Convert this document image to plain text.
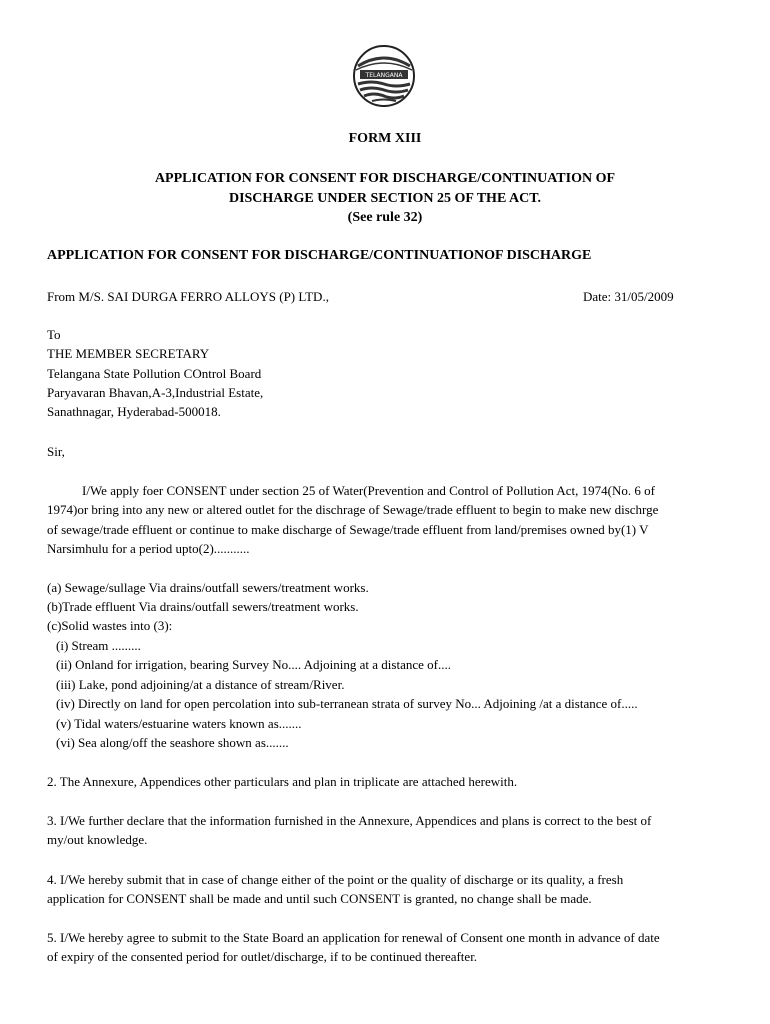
TELANGANA
FORM XIII
APPLICATION FOR CONSENT FOR DISCHARGE/CONTINUATION OF
DISCHARGE UNDER SECTION 25 OF THE ACT.
(See rule 32)
APPLICATION FOR CONSENT FOR DISCHARGE/CONTINUATIONOF DISCHARGE
From M/S. SAI DURGA FERRO ALLOYS (P) LTD.,	Date: 31/05/2009
To
THE MEMBER SECRETARY
Telangana State Pollution COntrol Board
Paryavaran Bhavan,A-3,Industrial Estate,
Sanathnagar, Hyderabad-500018.
Sir,
I/We apply foer CONSENT under section 25 of Water(Prevention and Control of Pollution Act, 1974(No. 6 of
1974)or bring into any new or altered outlet for the dischrage of Sewage/trade effluent to begin to make new dischrge
of sewage/trade effluent or continue to make discharge of Sewage/trade effluent from land/premises owned by(1) V
Narsimhulu for a period upto(2)...........
(a) Sewage/sullage Via drains/outfall sewers/treatment works.
(b)Trade effluent Via drains/outfall sewers/treatment works.
(c)Solid wastes into (3):
(i) Stream .........
(ii) Onland for irrigation, bearing Survey No.... Adjoining at a distance of....
(iii) Lake, pond adjoining/at a distance of stream/River.
(iv) Directly on land for open percolation into sub-terranean strata of survey No... Adjoining /at a distance of.....
(v) Tidal waters/estuarine waters known as.......
(vi) Sea along/off the seashore shown as.......
2. The Annexure, Appendices other particulars and plan in triplicate are attached herewith.
3. I/We further declare that the information furnished in the Annexure, Appendices and plans is correct to the best of
my/out knowledge.
4. I/We hereby submit that in case of change either of the point or the quality of discharge or its quality, a fresh
application for CONSENT shall be made and until such CONSENT is granted, no change shall be made.
5. I/We hereby agree to submit to the State Board an application for renewal of Consent one month in advance of date
of expiry of the consented period for outlet/discharge, if to be continued thereafter.
